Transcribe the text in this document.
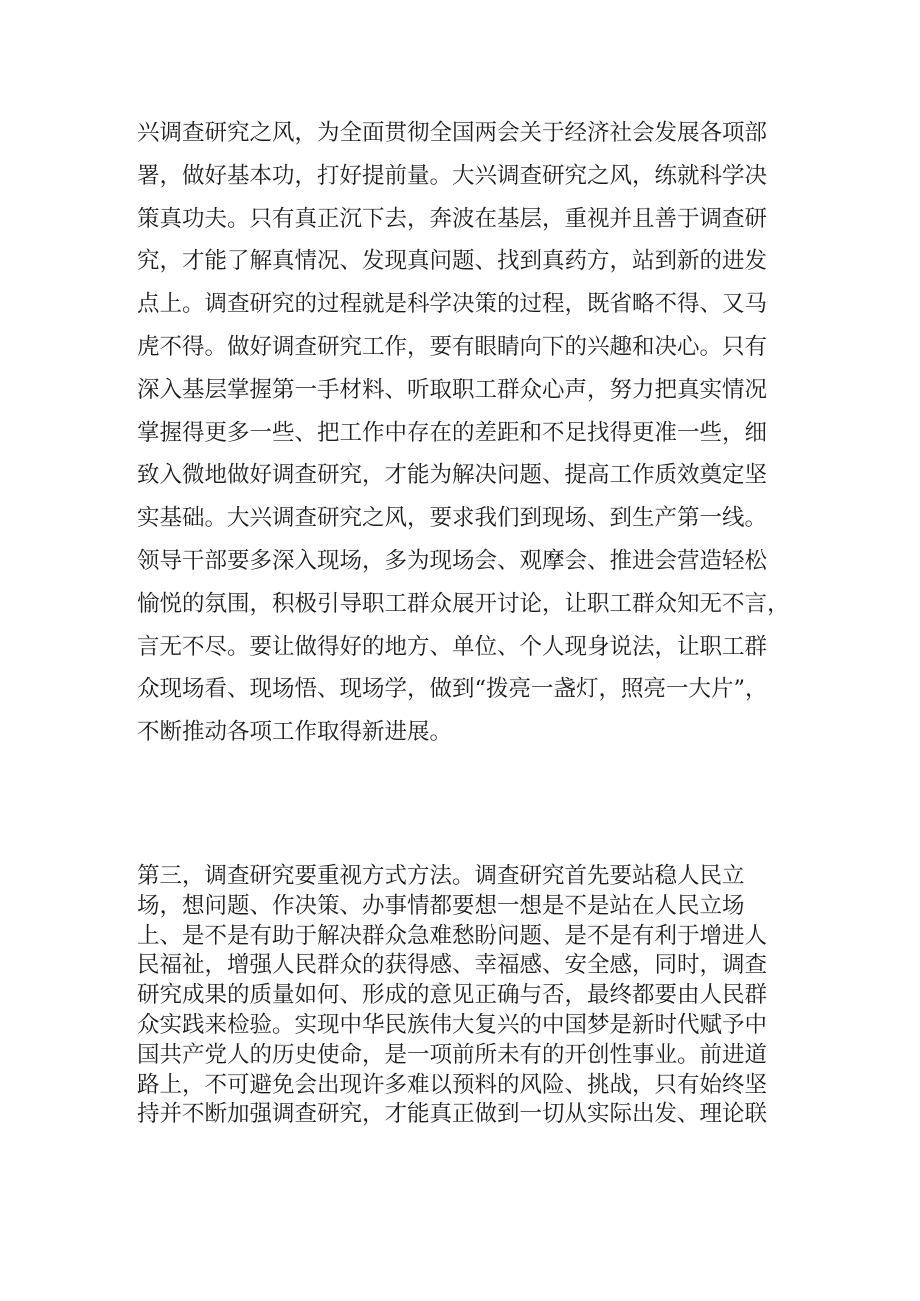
兴调查研究之风，为全面贯彻全国两会关于经济社会发展各项部
署，做好基本功，打好提前量。大兴调查研究之风，练就科学决
策真功夫。只有真正沉下去，奔波在基层，重视并且善于调查研
究，才能了解真情况、发现真问题、找到真药方，站到新的进发
点上。调查研究的过程就是科学决策的过程，既省略不得、又马
虎不得。做好调查研究工作，要有眼睛向下的兴趣和决心。只有
深入基层掌握第一手材料、听取职工群众心声，努力把真实情况
掌握得更多一些、把工作中存在的差距和不足找得更准一些，细
致入微地做好调查研究，才能为解决问题、提高工作质效奠定坚
实基础。大兴调查研究之风，要求我们到现场、到生产第一线。
领导干部要多深入现场，多为现场会、观摩会、推进会营造轻松
愉悦的氛围，积极引导职工群众展开讨论，让职工群众知无不言，
言无不尽。要让做得好的地方、单位、个人现身说法，让职工群
众现场看、现场悟、现场学，做到“拨亮一盏灯，照亮一大片”，
不断推动各项工作取得新进展。
第三，调查研究要重视方式方法。调查研究首先要站稳人民立
场，想问题、作决策、办事情都要想一想是不是站在人民立场
上、是不是有助于解决群众急难愁盼问题、是不是有利于增进人
民福祉，增强人民群众的获得感、幸福感、安全感，同时，调查
研究成果的质量如何、形成的意见正确与否，最终都要由人民群
众实践来检验。实现中华民族伟大复兴的中国梦是新时代赋予中
国共产党人的历史使命，是一项前所未有的开创性事业。前进道
路上，不可避免会出现许多难以预料的风险、挑战，只有始终坚
持并不断加强调查研究，才能真正做到一切从实际出发、理论联
